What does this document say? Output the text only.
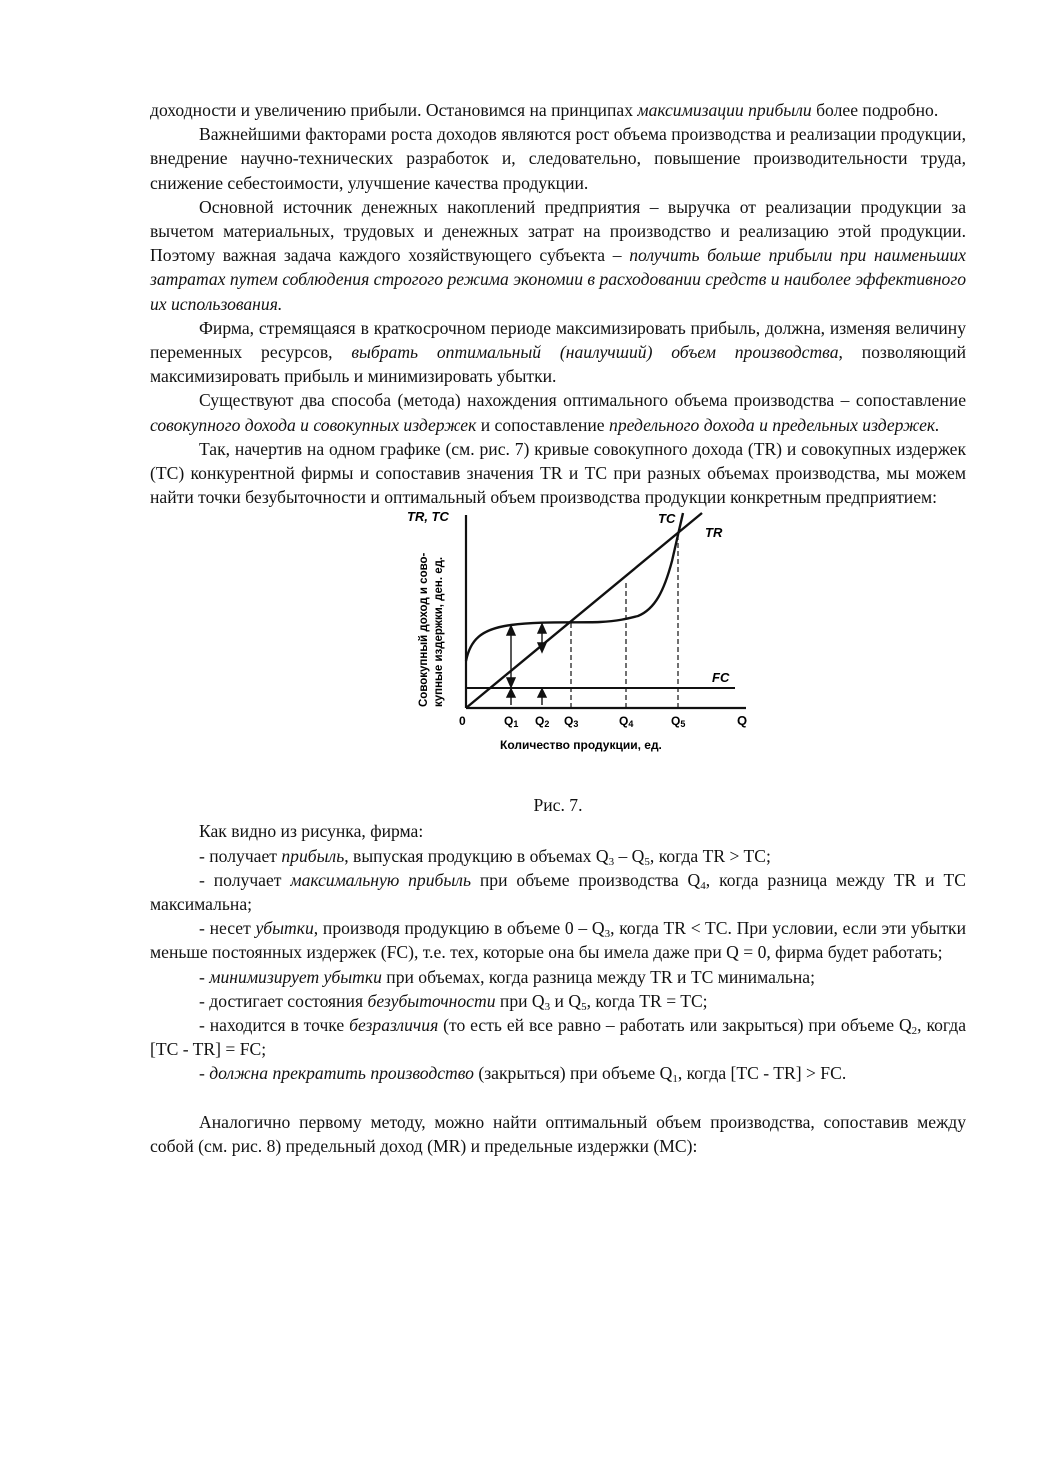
доходности и увеличению прибыли. Остановимся на принципах максимизации прибыли более подробно.

Важнейшими факторами роста доходов являются рост объема производства и реализации продукции, внедрение научно-технических разработок и, следовательно, повышение производительности труда, снижение себестоимости, улучшение качества продукции.

Основной источник денежных накоплений предприятия – выручка от реализации продукции за вычетом материальных, трудовых и денежных затрат на производство и реализацию этой продукции. Поэтому важная задача каждого хозяйствующего субъекта – получить больше прибыли при наименьших затратах путем соблюдения строгого режима экономии в расходовании средств и наиболее эффективного их использования.

Фирма, стремящаяся в краткосрочном периоде максимизировать прибыль, должна, изменяя величину переменных ресурсов, выбрать оптимальный (наилучший) объем производства, позволяющий максимизировать прибыль и минимизировать убытки.

Существуют два способа (метода) нахождения оптимального объема производства – сопоставление совокупного дохода и совокупных издержек и сопоставление предельного дохода и предельных издержек.

Так, начертив на одном графике (см. рис. 7) кривые совокупного дохода (TR) и совокупных издержек (TC) конкурентной фирмы и сопоставив значения TR и TC при разных объемах производства, мы можем найти точки безубыточности и оптимальный объем производства продукции конкретным предприятием:

Совокупный доход и сово- купные издержки, ден. ед.
TR, TC
Q
0
TC
TR
FC
Q1 Q2 Q3	Q4	Q5
Количество продукции, ед.
Рис. 7.

Как видно из рисунка, фирма:

- получает прибыль, выпуская продукцию в объемах $Q_3 - Q_5$, когда TR > TC;

- получает максимальную прибыль при объеме производства $Q_4$, когда разница между TR и TC максимальна;

- несет убытки, производя продукцию в объеме $0 - Q_3$, когда TR < TC. При условии, если эти убытки меньше постоянных издержек (FC), т.е. тех, которые она бы имела даже при Q = 0, фирма будет работать;

- минимизирует убытки при объемах, когда разница между TR и TC минимальна;

- достигает состояния безубыточности при $Q_3$ и $Q_5$, когда TR = TC;

- находится в точке безразличия (то есть ей все равно – работать или закрыться) при объеме $Q_2$, когда [TC - TR] = FC;

- должна прекратить производство (закрыться) при объеме $Q_1$, когда [TC - TR] > FC.

Аналогично первому методу, можно найти оптимальный объем производства, сопоставив между собой (см. рис. 8) предельный доход (MR) и предельные издержки (MC):
